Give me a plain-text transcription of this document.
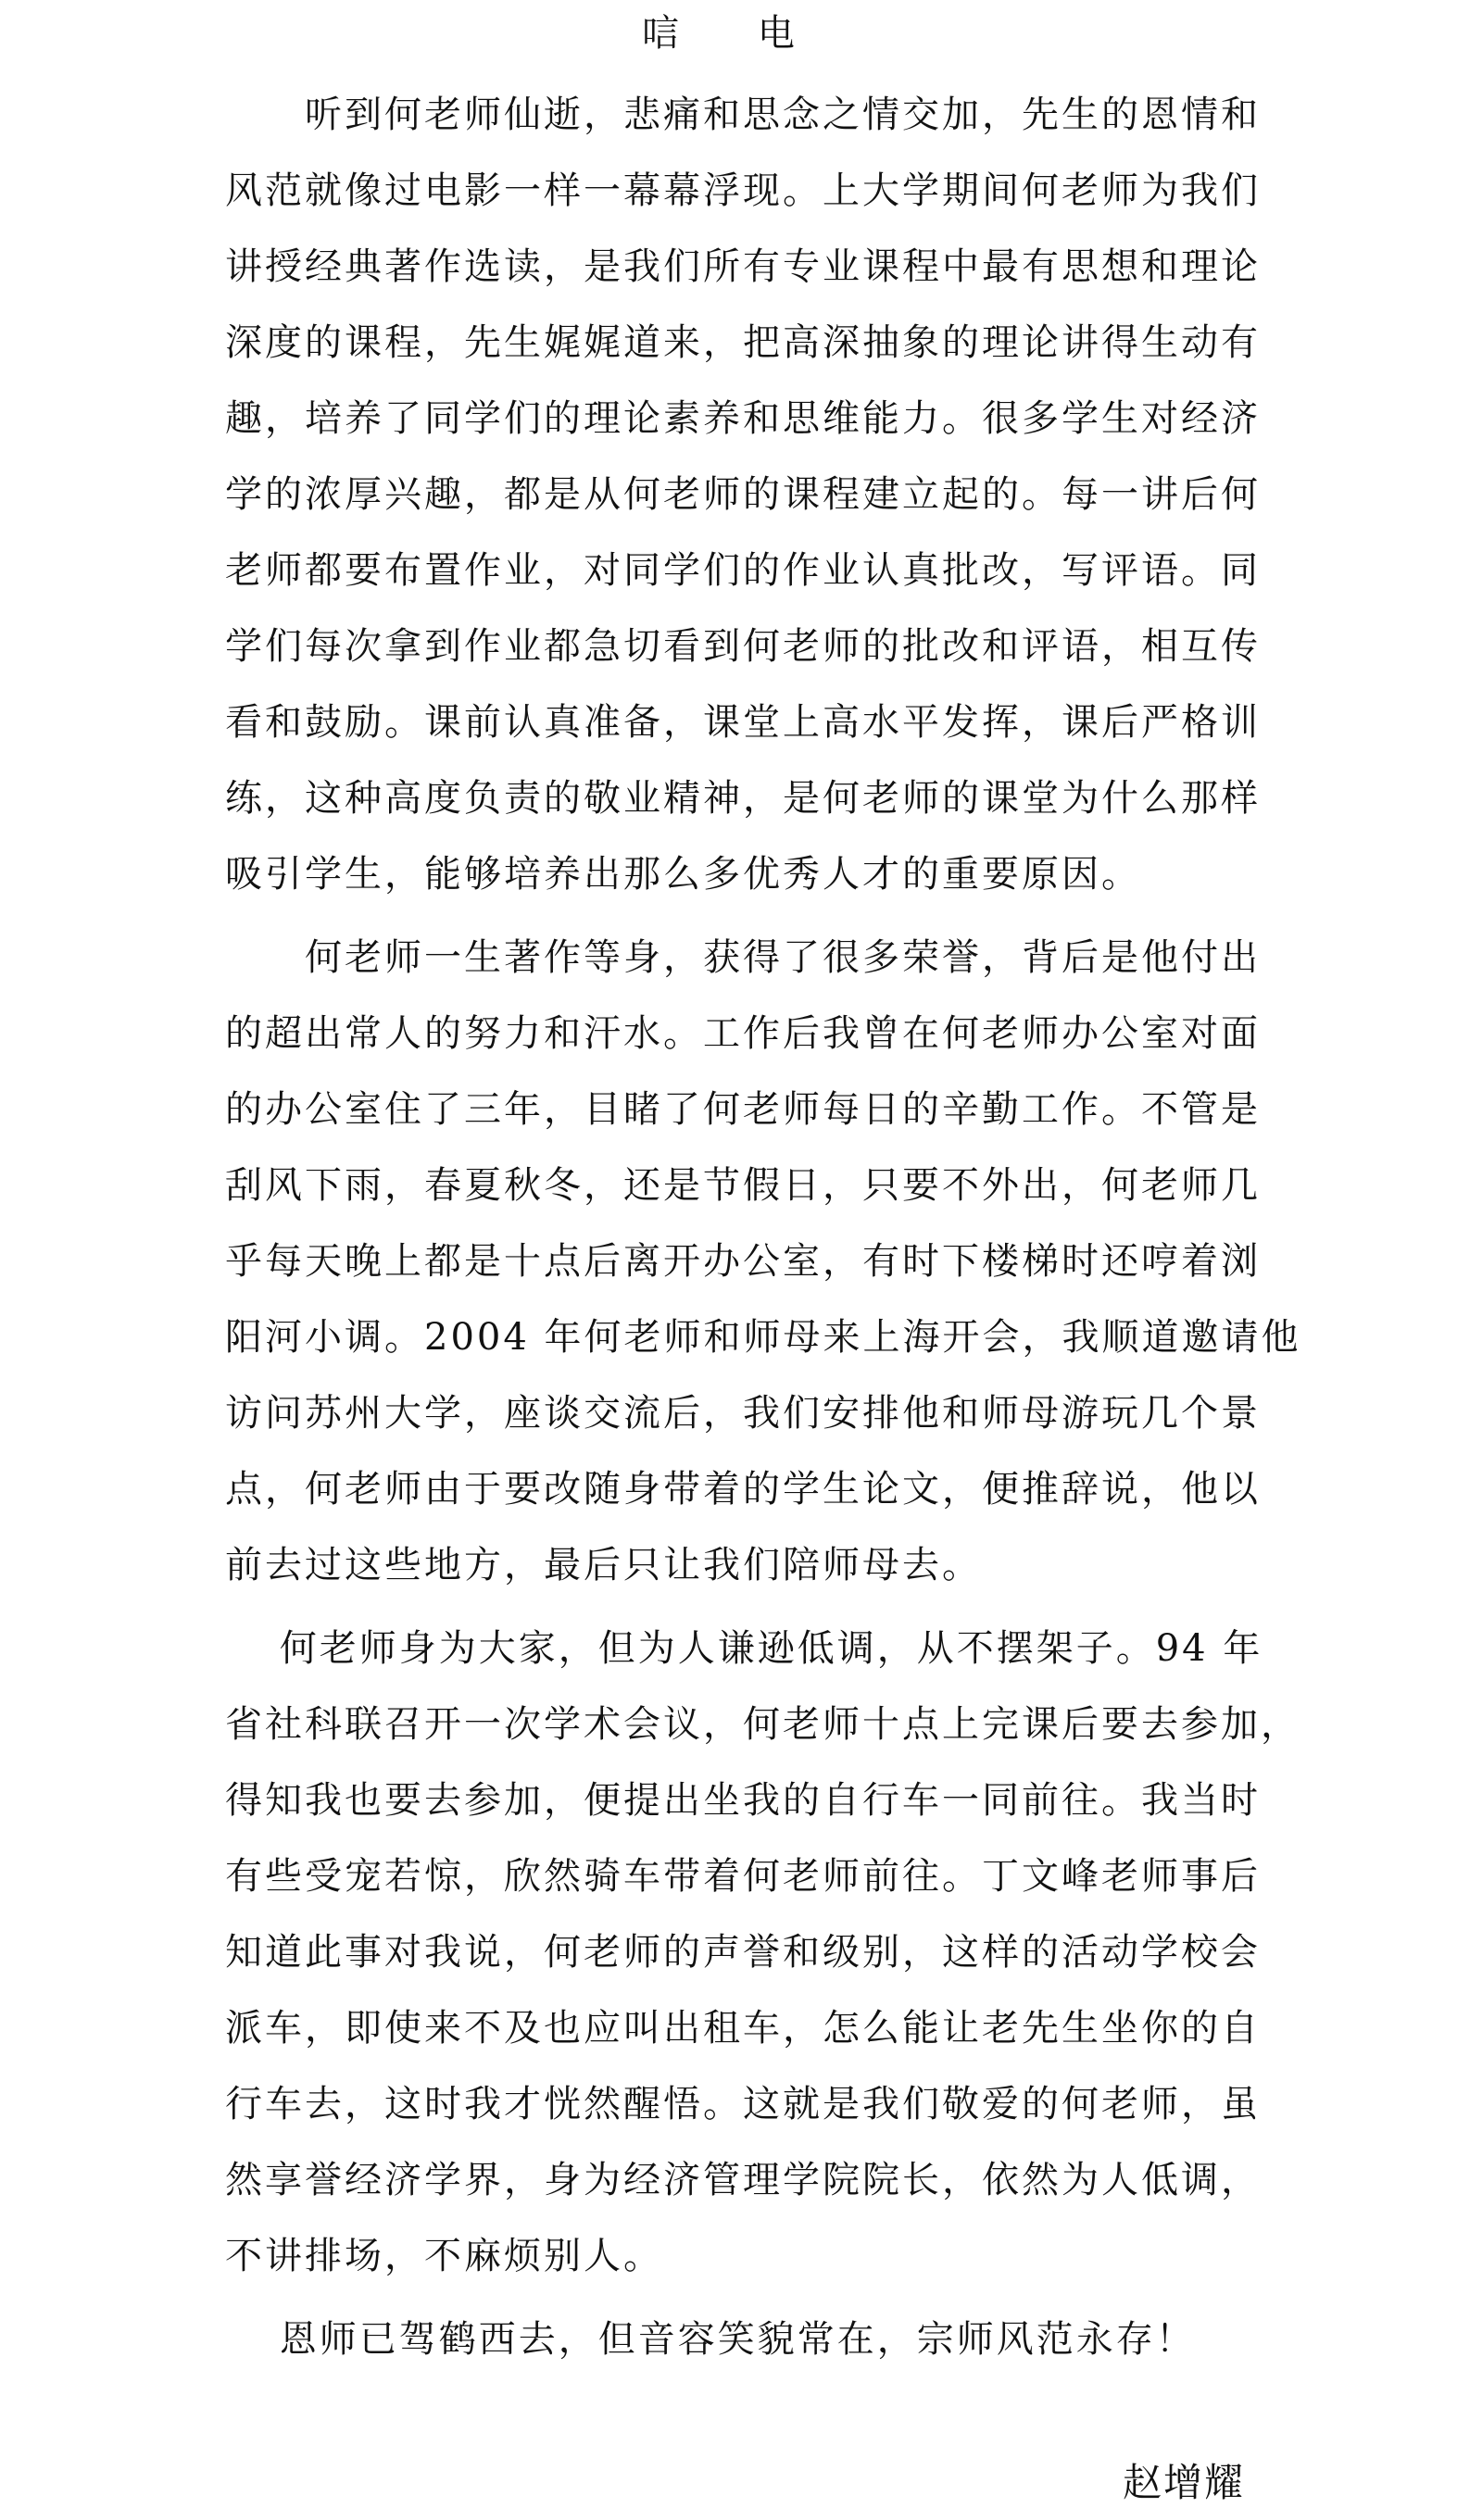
唁 电
　　听到何老师仙逝，悲痛和思念之情交加，先生的恩情和
风范就像过电影一样一幕幕浮现。上大学期间何老师为我们
讲授经典著作选读，是我们所有专业课程中最有思想和理论
深度的课程，先生娓娓道来，把高深抽象的理论讲得生动有
趣，培养了同学们的理论素养和思维能力。很多学生对经济
学的浓厚兴趣，都是从何老师的课程建立起的。每一讲后何
老师都要布置作业，对同学们的作业认真批改，写评语。同
学们每次拿到作业都急切看到何老师的批改和评语，相互传
看和鼓励。课前认真准备，课堂上高水平发挥，课后严格训
练，这种高度负责的敬业精神，是何老师的课堂为什么那样
吸引学生，能够培养出那么多优秀人才的重要原因。
　　何老师一生著作等身，获得了很多荣誉，背后是他付出
的超出常人的努力和汗水。工作后我曾在何老师办公室对面
的办公室住了三年，目睹了何老师每日的辛勤工作。不管是
刮风下雨，春夏秋冬，还是节假日，只要不外出，何老师几
乎每天晚上都是十点后离开办公室，有时下楼梯时还哼着浏
阳河小调。2004 年何老师和师母来上海开会，我顺道邀请他
访问苏州大学，座谈交流后，我们安排他和师母游玩几个景
点，何老师由于要改随身带着的学生论文，便推辞说，他以
前去过这些地方，最后只让我们陪师母去。
　 何老师身为大家，但为人谦逊低调，从不摆架子。94 年
省社科联召开一次学术会议，何老师十点上完课后要去参加，
得知我也要去参加，便提出坐我的自行车一同前往。我当时
有些受宠若惊，欣然骑车带着何老师前往。丁文峰老师事后
知道此事对我说，何老师的声誉和级别，这样的活动学校会
派车，即使来不及也应叫出租车，怎么能让老先生坐你的自
行车去，这时我才恍然醒悟。这就是我们敬爱的何老师，虽
然享誉经济学界，身为经济管理学院院长，依然为人低调，
不讲排场，不麻烦别人。
　 恩师已驾鹤西去，但音容笑貌常在，宗师风范永存！
赵增耀
